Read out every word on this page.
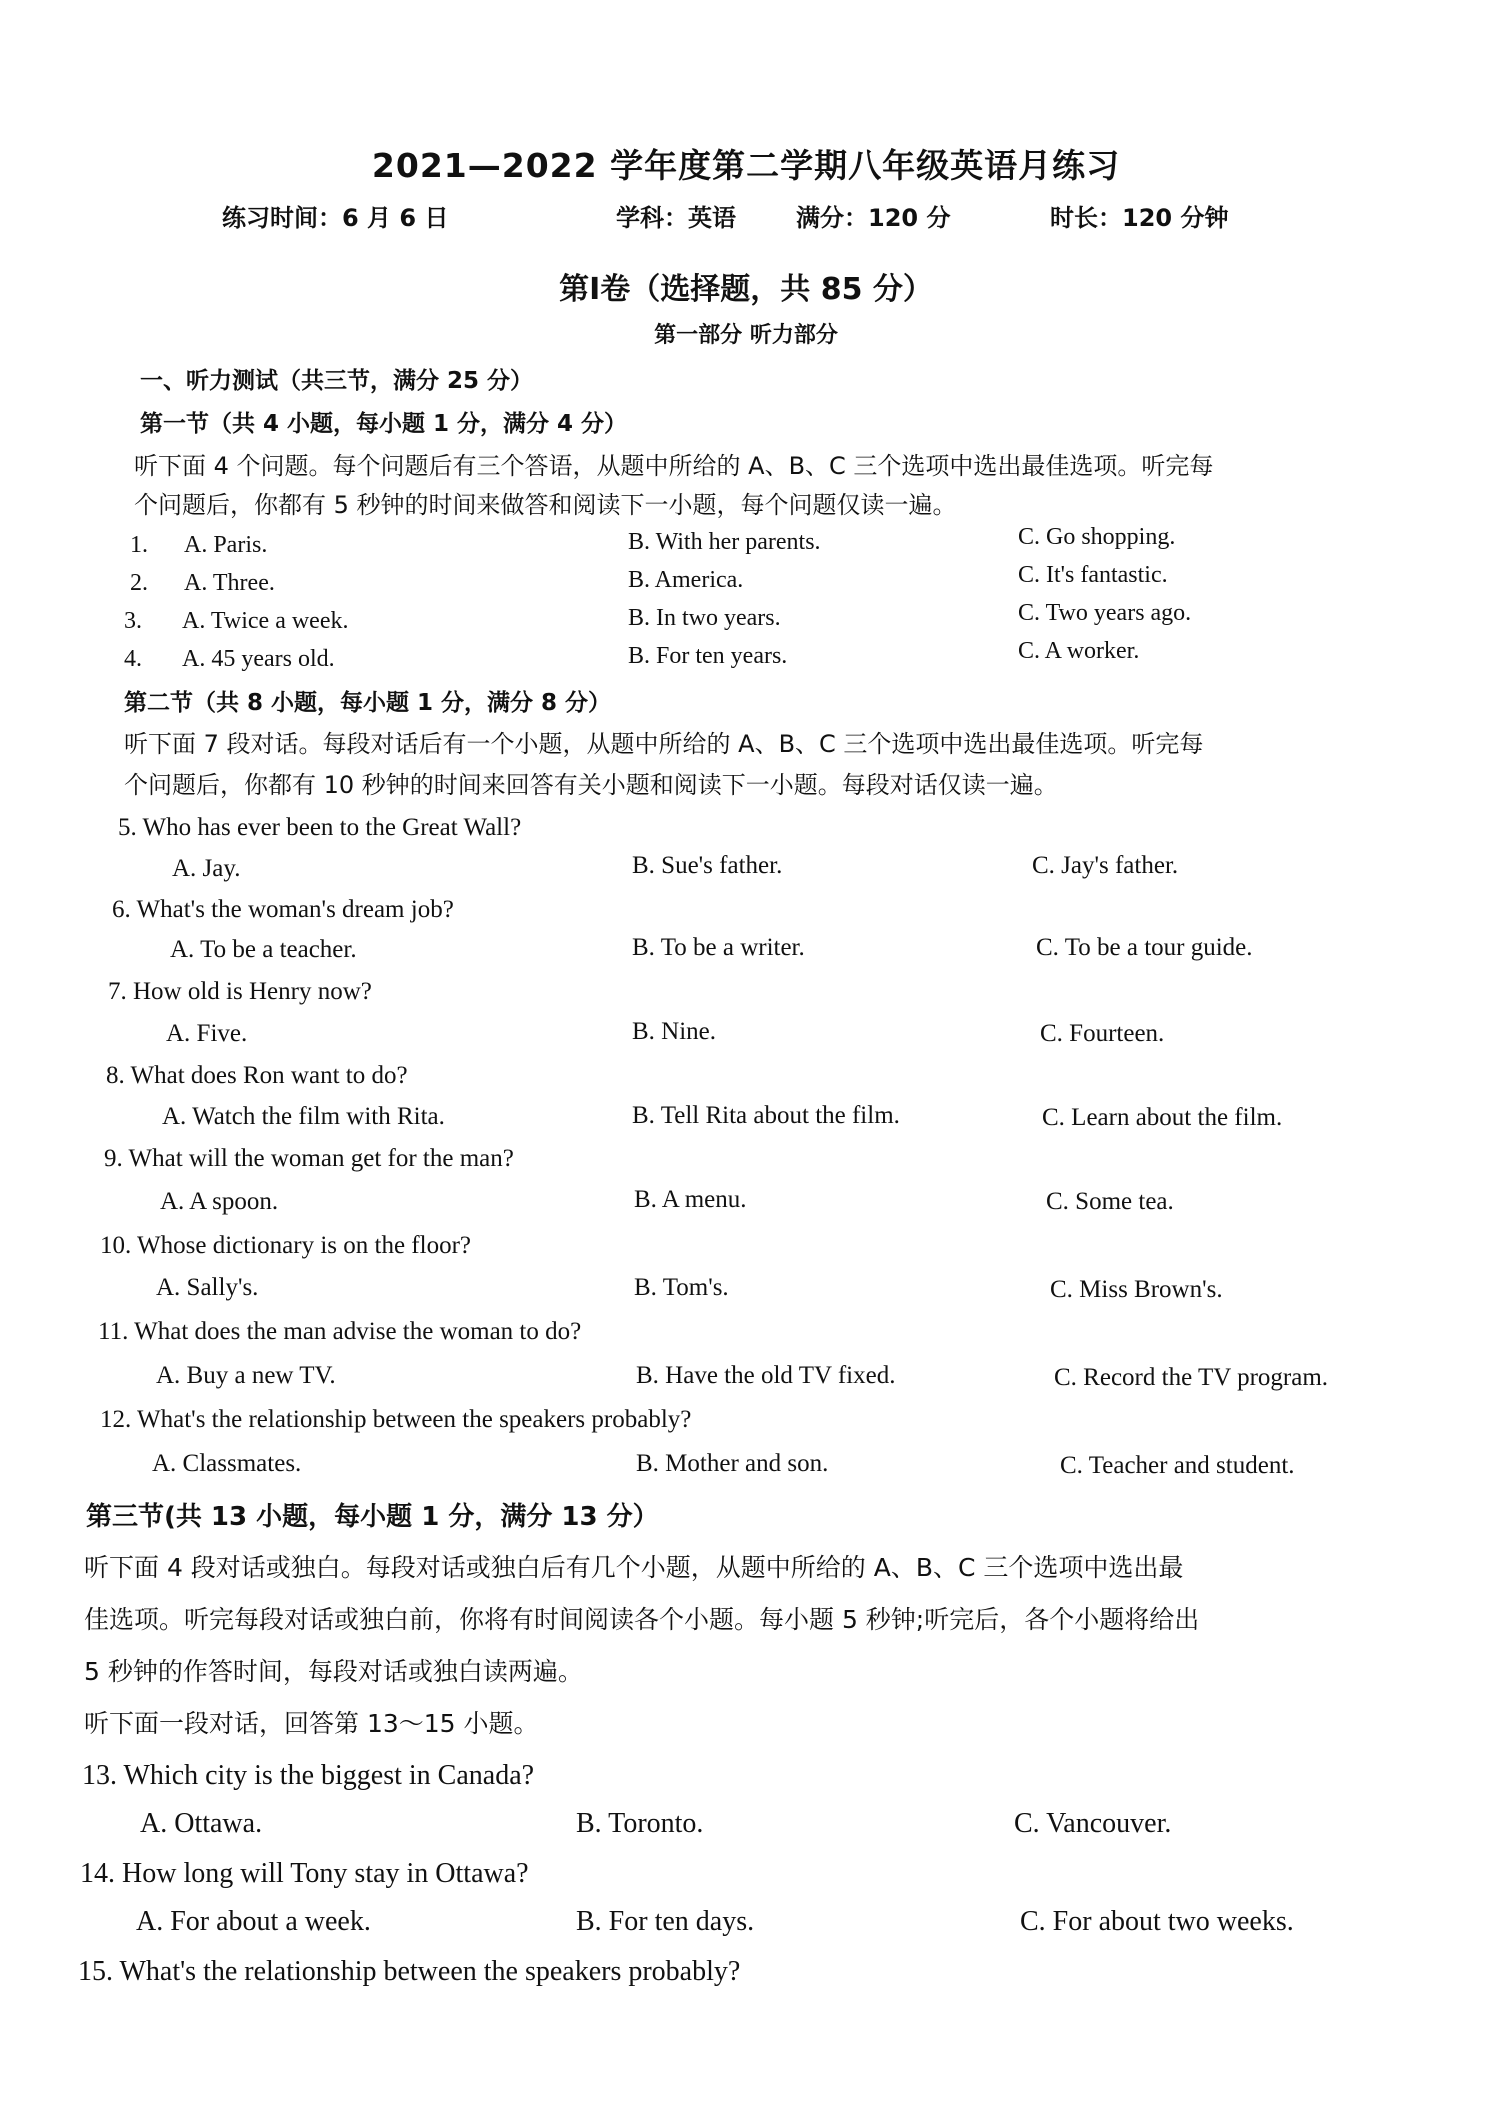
2021—2022 学年度第二学期八年级英语月练习
练习时间：6 月 6 日	学科：英语	满分：120 分	时长：120 分钟
第Ⅰ卷（选择题，共 85 分）
第一部分 听力部分
一、听力测试（共三节，满分 25 分）
第一节（共 4 小题，每小题 1 分，满分 4 分）
听下面 4 个问题。每个问题后有三个答语，从题中所给的 A、B、C 三个选项中选出最佳选项。听完每
个问题后，你都有 5 秒钟的时间来做答和阅读下一小题，每个问题仅读一遍。
1. A. Paris.	B. With her parents.	C. Go shopping.
2. A. Three.	B. America.	C. It's fantastic.
3. A. Twice a week.	B. In two years.	C. Two years ago.
4. A. 45 years old.	B. For ten years.	C. A worker.
第二节（共 8 小题，每小题 1 分，满分 8 分）
听下面 7 段对话。每段对话后有一个小题，从题中所给的 A、B、C 三个选项中选出最佳选项。听完每
个问题后，你都有 10 秒钟的时间来回答有关小题和阅读下一小题。每段对话仅读一遍。
5. Who has ever been to the Great Wall?
A. Jay.	B. Sue's father.	C. Jay's father.
6. What's the woman's dream job?
A. To be a teacher.	B. To be a writer.	C. To be a tour guide.
7. How old is Henry now?
A. Five.	B. Nine.	C. Fourteen.
8. What does Ron want to do?
A. Watch the film with Rita.	B. Tell Rita about the film.	C. Learn about the film.
9. What will the woman get for the man?
A. A spoon.	B. A menu.	C. Some tea.
10. Whose dictionary is on the floor?
A. Sally's.	B. Tom's.	C. Miss Brown's.
11. What does the man advise the woman to do?
A. Buy a new TV.	B. Have the old TV fixed.	C. Record the TV program.
12. What's the relationship between the speakers probably?
A. Classmates.	B. Mother and son.	C. Teacher and student.
第三节(共 13 小题，每小题 1 分，满分 13 分）
听下面 4 段对话或独白。每段对话或独白后有几个小题，从题中所给的 A、B、C 三个选项中选出最
佳选项。听完每段对话或独白前，你将有时间阅读各个小题。每小题 5 秒钟;听完后，各个小题将给出
5 秒钟的作答时间，每段对话或独白读两遍。
听下面一段对话，回答第 13～15 小题。
13. Which city is the biggest in Canada?
A. Ottawa.	B. Toronto.	C. Vancouver.
14. How long will Tony stay in Ottawa?
A. For about a week.	B. For ten days.	C. For about two weeks.
15. What's the relationship between the speakers probably?
